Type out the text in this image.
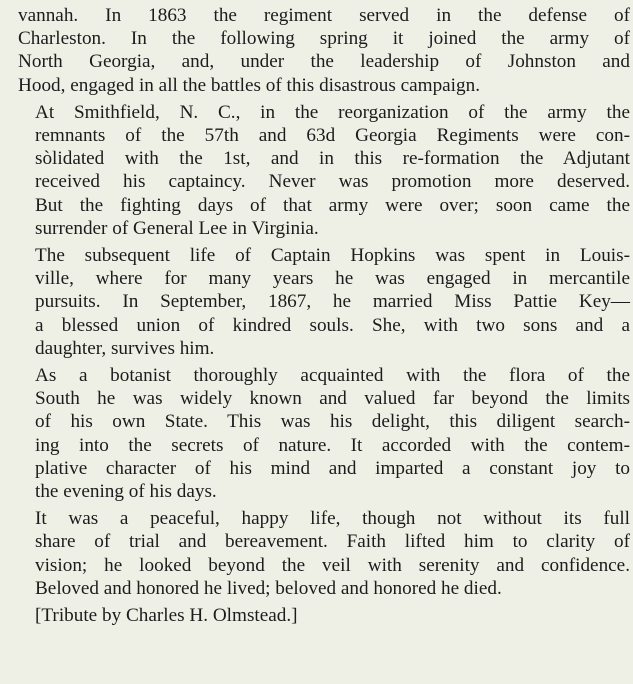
vannah. In 1863 the regiment served in the defense of
Charleston. In the following spring it joined the army of
North Georgia, and, under the leadership of Johnston and
Hood, engaged in all the battles of this disastrous campaign.

At Smithfield, N. C., in the reorganization of the army the
remnants of the 57th and 63d Georgia Regiments were con-
sòlidated with the 1st, and in this re-formation the Adjutant
received his captaincy. Never was promotion more deserved.
But the fighting days of that army were over; soon came the
surrender of General Lee in Virginia.

The subsequent life of Captain Hopkins was spent in Louis-
ville, where for many years he was engaged in mercantile
pursuits. In September, 1867, he married Miss Pattie Key—
a blessed union of kindred souls. She, with two sons and a
daughter, survives him.

As a botanist thoroughly acquainted with the flora of the
South he was widely known and valued far beyond the limits
of his own State. This was his delight, this diligent search-
ing into the secrets of nature. It accorded with the contem-
plative character of his mind and imparted a constant joy to
the evening of his days.

It was a peaceful, happy life, though not without its full
share of trial and bereavement. Faith lifted him to clarity of
vision; he looked beyond the veil with serenity and confidence.
Beloved and honored he lived; beloved and honored he died.

[Tribute by Charles H. Olmstead.]
